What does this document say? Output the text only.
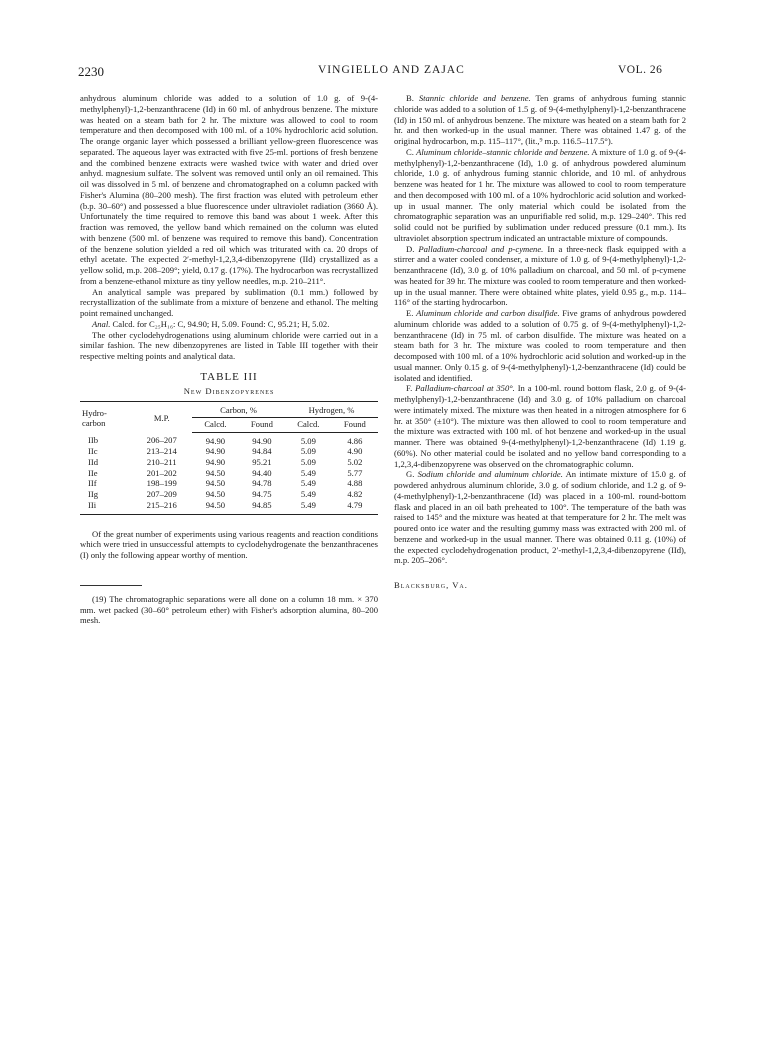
2230	VINGIELLO AND ZAJAC	VOL. 26

anhydrous aluminum chloride was added to a solution of 1.0 g. of 9-(4-methylphenyl)-1,2-benzanthracene (Id) in 60 ml. of anhydrous benzene. The mixture was heated on a steam bath for 2 hr. The mixture was allowed to cool to room temperature and then decomposed with 100 ml. of a 10% hydrochloric acid solution. The orange organic layer which possessed a brilliant yellow-green fluorescence was separated. The aqueous layer was extracted with five 25-ml. portions of fresh benzene and the combined benzene extracts were washed twice with water and dried over anhyd. magnesium sulfate. The solvent was removed until only an oil remained. This oil was dissolved in 5 ml. of benzene and chromatographed on a column packed with Fisher's Alumina (80–200 mesh). The first fraction was eluted with petroleum ether (b.p. 30–60°) and possessed a blue fluorescence under ultraviolet radiation (3660 Å). Unfortunately the time required to remove this band was about 1 week. After this fraction was removed, the yellow band which remained on the column was eluted with benzene (500 ml. of benzene was required to remove this band). Concentration of the benzene solution yielded a red oil which was triturated with ca. 20 drops of ethyl acetate. The expected 2′-methyl-1,2,3,4-dibenzopyrene (IId) crystallized as a yellow solid, m.p. 208–209°; yield, 0.17 g. (17%). The hydrocarbon was recrystallized from a benzene-ethanol mixture as tiny yellow needles, m.p. 210–211°.

An analytical sample was prepared by sublimation (0.1 mm.) followed by recrystallization of the sublimate from a mixture of benzene and ethanol. The melting point remained unchanged.

Anal. Calcd. for C₂₅H₁₆: C, 94.90; H, 5.09. Found: C, 95.21; H, 5.02.

The other cyclodehydrogenations using aluminum chloride were carried out in a similar fashion. The new dibenzopyrenes are listed in Table III together with their respective melting points and analytical data.

TABLE III
New Dibenzopyrenes
Hydro-
carbon	M.P.	Carbon, %		Hydrogen, %	
		Calcd.	Found	Calcd.	Found
IIb	206–207	94.90	94.90	5.09	4.86
IIc	213–214	94.90	94.84	5.09	4.90
IId	210–211	94.90	95.21	5.09	5.02
IIe	201–202	94.50	94.40	5.49	5.77
IIf	198–199	94.50	94.78	5.49	4.88
IIg	207–209	94.50	94.75	5.49	4.82
IIi	215–216	94.50	94.85	5.49	4.79

Of the great number of experiments using various reagents and reaction conditions which were tried in unsuccessful attempts to cyclodehydrogenate the benzanthracenes (I) only the following appear worthy of mention.

(19) The chromatographic separations were all done on a column 18 mm. × 370 mm. wet packed (30–60° petroleum ether) with Fisher's adsorption alumina, 80–200 mesh.

B. Stannic chloride and benzene. Ten grams of anhydrous fuming stannic chloride was added to a solution of 1.5 g. of 9-(4-methylphenyl)-1,2-benzanthracene (Id) in 150 ml. of anhydrous benzene. The mixture was heated on a steam bath for 2 hr. and then worked-up in the usual manner. There was obtained 1.47 g. of the original hydrocarbon, m.p. 115–117°, (lit.,⁹ m.p. 116.5–117.5°).

C. Aluminum chloride–stannic chloride and benzene. A mixture of 1.0 g. of 9-(4-methylphenyl)-1,2-benzanthracene (Id), 1.0 g. of anhydrous powdered aluminum chloride, 1.0 g. of anhydrous fuming stannic chloride, and 10 ml. of anhydrous benzene was heated for 1 hr. The mixture was allowed to cool to room temperature and then decomposed with 100 ml. of a 10% hydrochloric acid solution and worked-up in usual manner. The only material which could be isolated from the chromatographic separation was an unpurifiable red solid, m.p. 129–240°. This red solid could not be purified by sublimation under reduced pressure (0.1 mm.). Its ultraviolet absorption spectrum indicated an untractable mixture of compounds.

D. Palladium-charcoal and p-cymene. In a three-neck flask equipped with a stirrer and a water cooled condenser, a mixture of 1.0 g. of 9-(4-methylphenyl)-1,2-benzanthracene (Id), 3.0 g. of 10% palladium on charcoal, and 50 ml. of p-cymene was heated for 39 hr. The mixture was cooled to room temperature and then worked-up in the usual manner. There were obtained white plates, yield 0.95 g., m.p. 114–116° of the starting hydrocarbon.

E. Aluminum chloride and carbon disulfide. Five grams of anhydrous powdered aluminum chloride was added to a solution of 0.75 g. of 9-(4-methylphenyl)-1,2-benzanthracene (Id) in 75 ml. of carbon disulfide. The mixture was heated on a steam bath for 3 hr. The mixture was cooled to room temperature and then decomposed with 100 ml. of a 10% hydrochloric acid solution and worked-up in the usual manner. Only 0.15 g. of 9-(4-methylphenyl)-1,2-benzanthracene (Id) could be isolated and identified.

F. Palladium-charcoal at 350°. In a 100-ml. round bottom flask, 2.0 g. of 9-(4-methylphenyl)-1,2-benzanthracene (Id) and 3.0 g. of 10% palladium on charcoal were intimately mixed. The mixture was then heated in a nitrogen atmosphere for 6 hr. at 350° (±10°). The mixture was then allowed to cool to room temperature and the mixture was extracted with 100 ml. of hot benzene and worked-up in the usual manner. There was obtained 9-(4-methylphenyl)-1,2-benzanthracene (Id) 1.19 g. (60%). No other material could be isolated and no yellow band corresponding to a 1,2,3,4-dibenzopyrene was observed on the chromatographic column.

G. Sodium chloride and aluminum chloride. An intimate mixture of 15.0 g. of powdered anhydrous aluminum chloride, 3.0 g. of sodium chloride, and 1.2 g. of 9-(4-methylphenyl)-1,2-benzanthracene (Id) was placed in a 100-ml. round-bottom flask and placed in an oil bath preheated to 100°. The temperature of the bath was raised to 145° and the mixture was heated at that temperature for 2 hr. The melt was poured onto ice water and the resulting gummy mass was extracted with 200 ml. of benzene and worked-up in the usual manner. There was obtained 0.11 g. (10%) of the expected cyclodehydrogenation product, 2′-methyl-1,2,3,4-dibenzopyrene (IId), m.p. 205–206°.

Blacksburg, Va.
